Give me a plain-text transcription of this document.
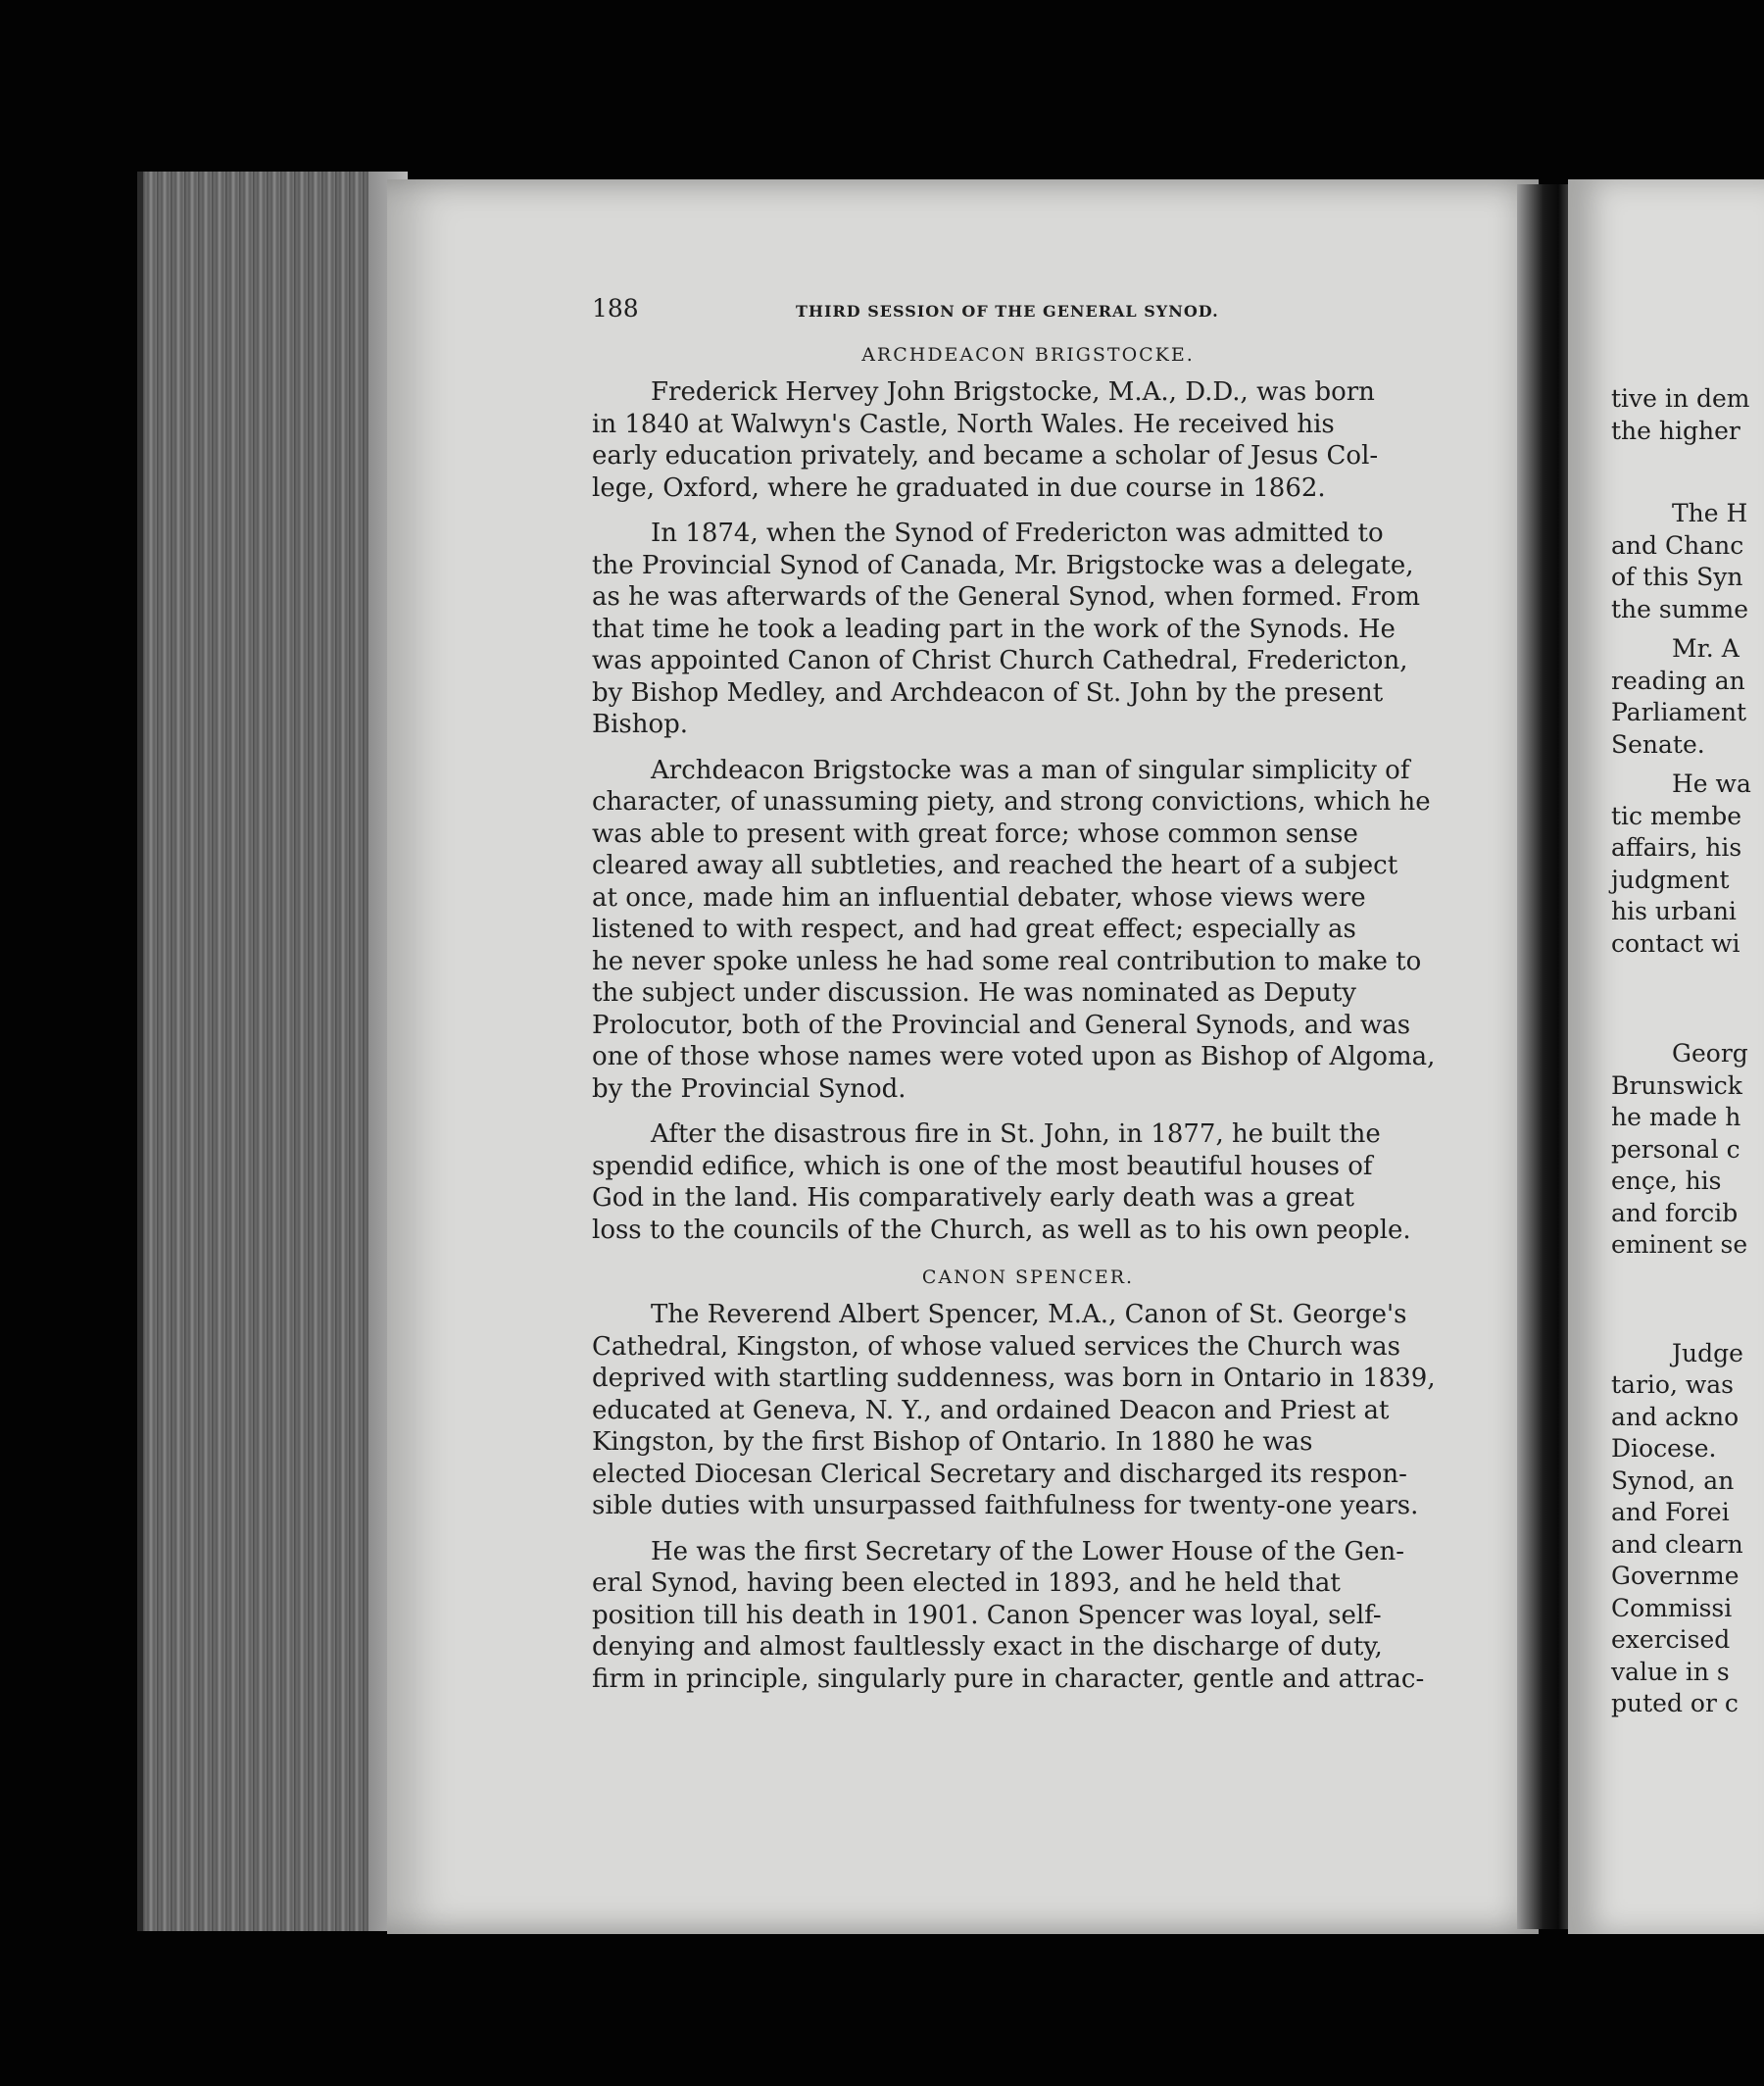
tive in dem
the higher
The H
and Chanc
of this Syn
the summe
Mr. A
reading an
Parliament
Senate.
He wa
tic membe
affairs, his
judgment
his urbani
contact wi
Georg
Brunswick
he made h
personal c
ençe, his
and forcib
eminent se
Judge
tario, was
and ackno
Diocese.
Synod, an
and Forei
and clearn
Governme
Commissi
exercised
value in s
puted or c
188	THIRD SESSION OF THE GENERAL SYNOD.
ARCHDEACON BRIGSTOCKE.
Frederick Hervey John Brigstocke, M.A., D.D., was born
in 1840 at Walwyn's Castle, North Wales. He received his
early education privately, and became a scholar of Jesus Col-
lege, Oxford, where he graduated in due course in 1862.
In 1874, when the Synod of Fredericton was admitted to
the Provincial Synod of Canada, Mr. Brigstocke was a delegate,
as he was afterwards of the General Synod, when formed. From
that time he took a leading part in the work of the Synods. He
was appointed Canon of Christ Church Cathedral, Fredericton,
by Bishop Medley, and Archdeacon of St. John by the present
Bishop.
Archdeacon Brigstocke was a man of singular simplicity of
character, of unassuming piety, and strong convictions, which he
was able to present with great force; whose common sense
cleared away all subtleties, and reached the heart of a subject
at once, made him an influential debater, whose views were
listened to with respect, and had great effect; especially as
he never spoke unless he had some real contribution to make to
the subject under discussion. He was nominated as Deputy
Prolocutor, both of the Provincial and General Synods, and was
one of those whose names were voted upon as Bishop of Algoma,
by the Provincial Synod.
After the disastrous fire in St. John, in 1877, he built the
spendid edifice, which is one of the most beautiful houses of
God in the land. His comparatively early death was a great
loss to the councils of the Church, as well as to his own people.
CANON SPENCER.
The Reverend Albert Spencer, M.A., Canon of St. George's
Cathedral, Kingston, of whose valued services the Church was
deprived with startling suddenness, was born in Ontario in 1839,
educated at Geneva, N. Y., and ordained Deacon and Priest at
Kingston, by the first Bishop of Ontario. In 1880 he was
elected Diocesan Clerical Secretary and discharged its respon-
sible duties with unsurpassed faithfulness for twenty-one years.
He was the first Secretary of the Lower House of the Gen-
eral Synod, having been elected in 1893, and he held that
position till his death in 1901. Canon Spencer was loyal, self-
denying and almost faultlessly exact in the discharge of duty,
firm in principle, singularly pure in character, gentle and attrac-
